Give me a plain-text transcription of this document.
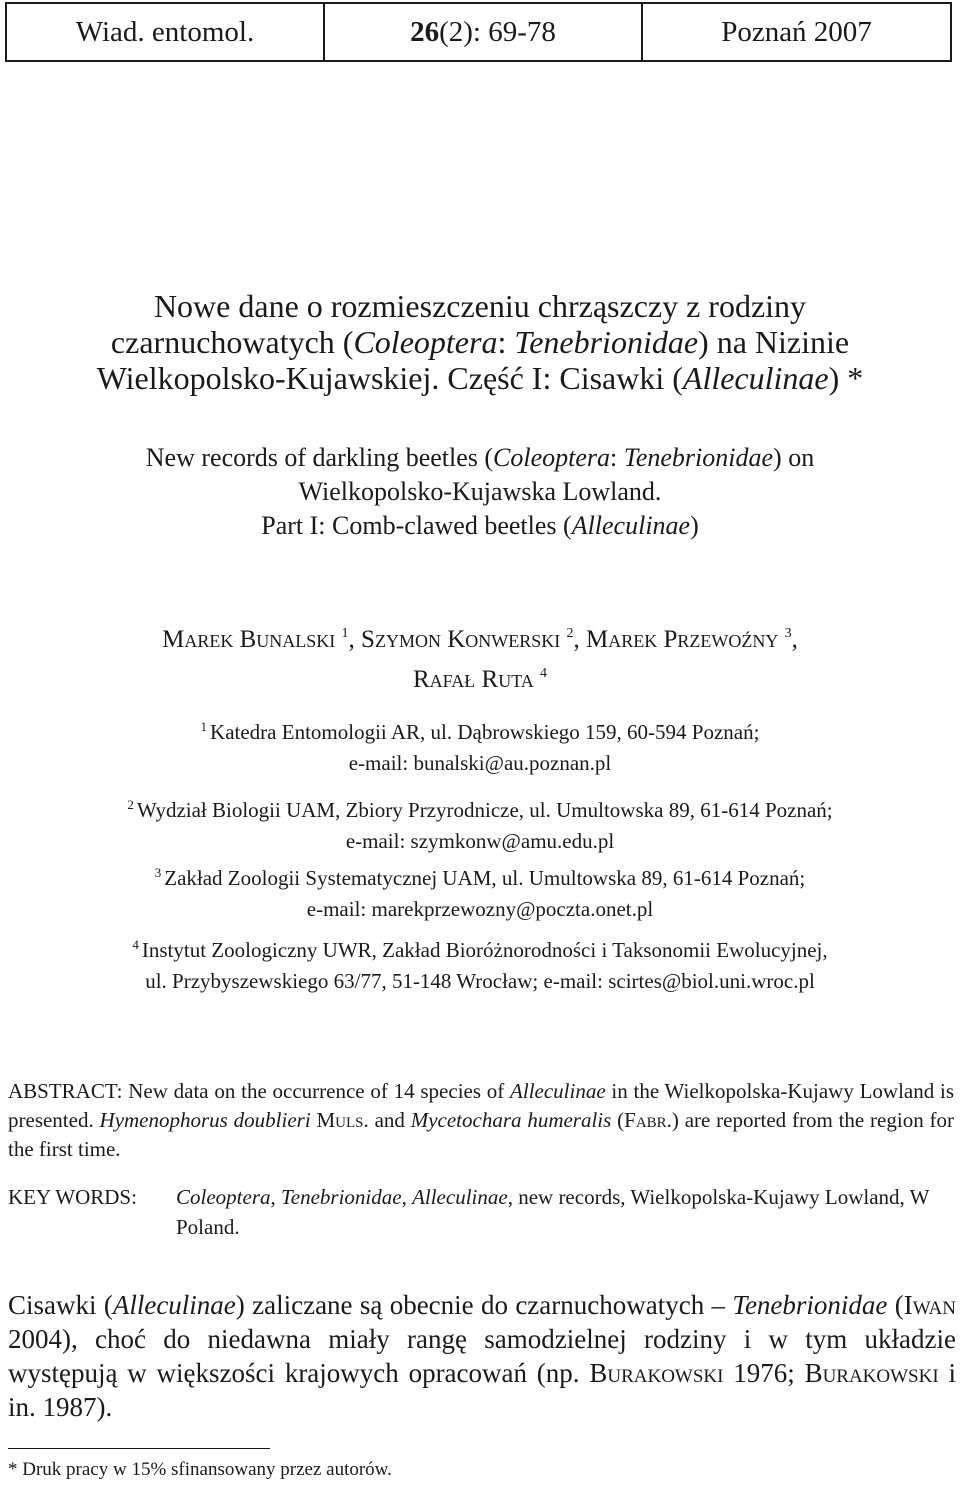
Wiad. entomol.	26 (2): 69-78	Poznań 2007
Nowe dane o rozmieszczeniu chrząszczy z rodziny
czarnuchowatych (Coleoptera: Tenebrionidae) na Nizinie
Wielkopolsko-Kujawskiej. Część I: Cisawki (Alleculinae) *
New records of darkling beetles (Coleoptera: Tenebrionidae) on
Wielkopolsko-Kujawska Lowland.
Part I: Comb-clawed beetles (Alleculinae)
Marek Bunalski $^1$, Szymon Konwerski $^2$, Marek Przewoźny $^3$,
Rafał Ruta $^4$
$^1$ Katedra Entomologii AR, ul. Dąbrowskiego 159, 60-594 Poznań;
e-mail: bunalski@au.poznan.pl
$^2$ Wydział Biologii UAM, Zbiory Przyrodnicze, ul. Umultowska 89, 61-614 Poznań;
e-mail: szymkonw@amu.edu.pl
$^3$ Zakład Zoologii Systematycznej UAM, ul. Umultowska 89, 61-614 Poznań;
e-mail: marekprzewozny@poczta.onet.pl
$^4$ Instytut Zoologiczny UWR, Zakład Bioróżnorodności i Taksonomii Ewolucyjnej,
ul. Przybyszewskiego 63/77, 51-148 Wrocław; e-mail: scirtes@biol.uni.wroc.pl
ABSTRACT: New data on the occurrence of 14 species of Alleculinae in the Wielkopolska-Kujawy Lowland is presented. Hymenophorus doublieri Muls. and Mycetochara humeralis (Fabr.) are reported from the region for the first time.
KEY WORDS: Coleoptera, Tenebrionidae, Alleculinae, new records, Wielkopolska-Kujawy Lowland, W Poland.
Cisawki (Alleculinae) zaliczane są obecnie do czarnuchowatych – Tenebrionidae (Iwan 2004), choć do niedawna miały rangę samodzielnej rodziny i w tym układzie występują w większości krajowych opracowań (np. Burakowski 1976; Burakowski i in. 1987).
* Druk pracy w 15% sfinansowany przez autorów.
